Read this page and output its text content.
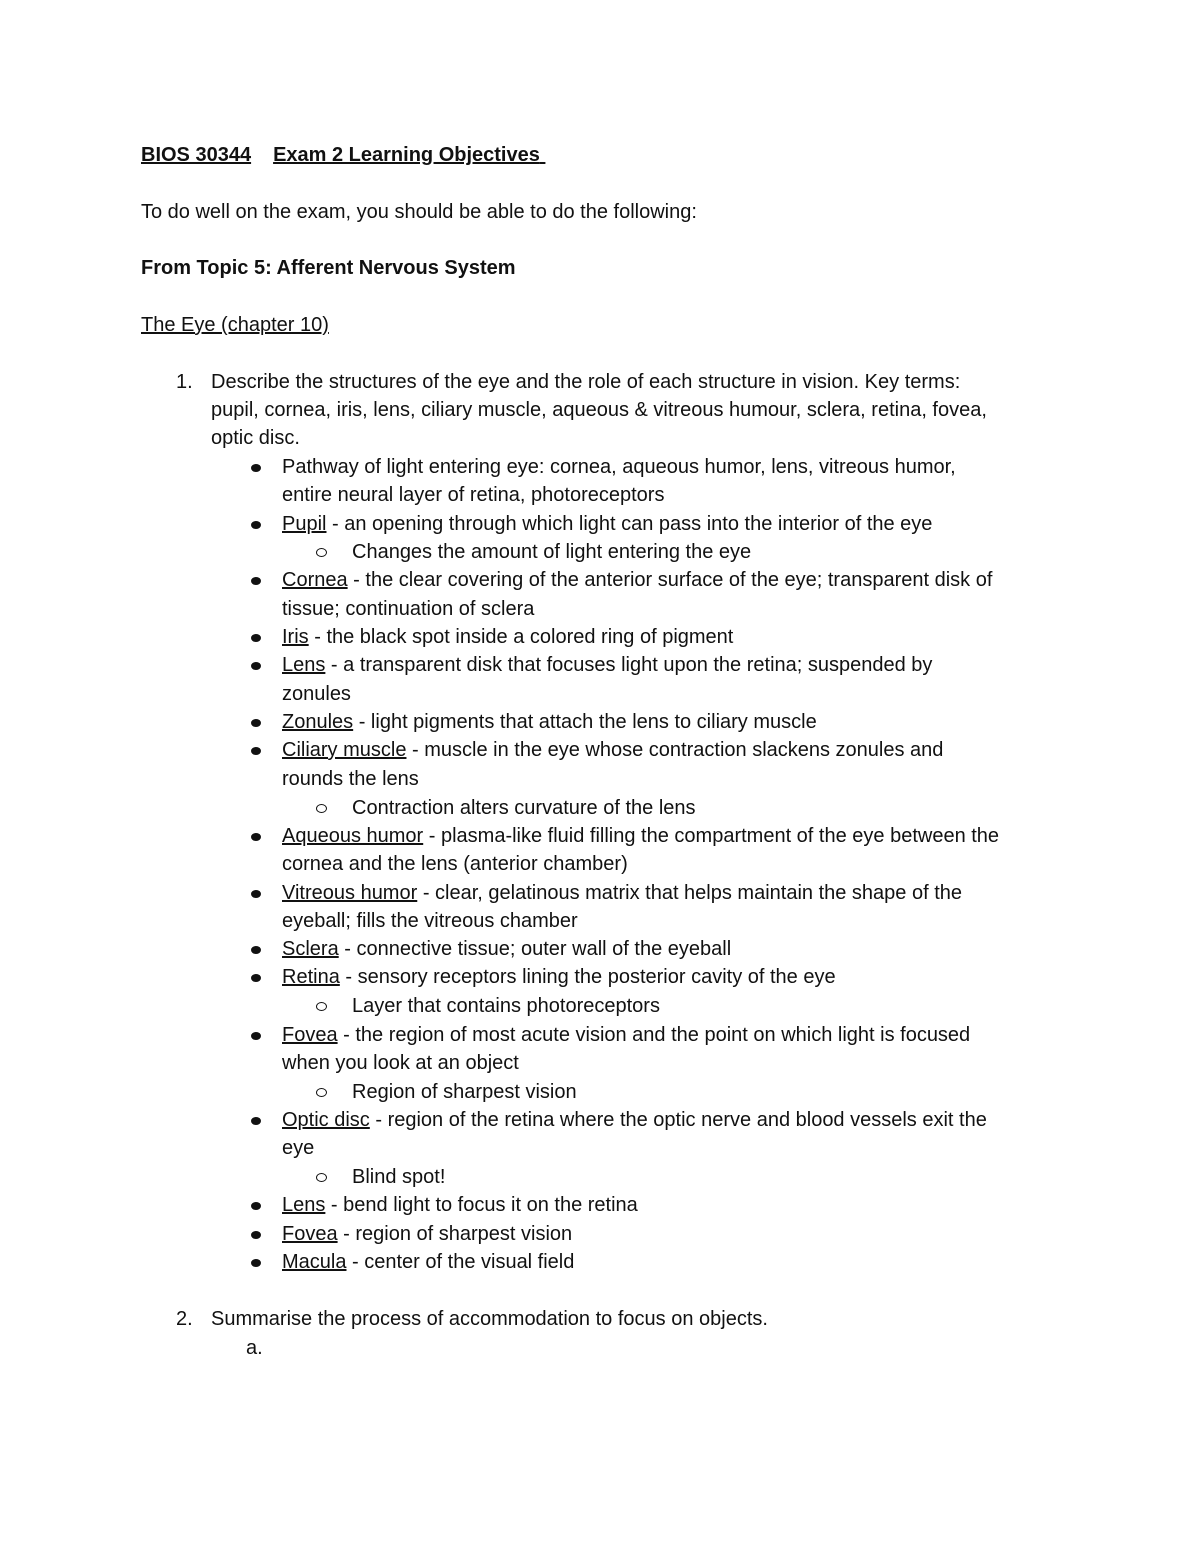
BIOS 30344 Exam 2 Learning Objectives
To do well on the exam, you should be able to do the following:
From Topic 5: Afferent Nervous System
The Eye (chapter 10)
1. Describe the structures of the eye and the role of each structure in vision. Key terms:
pupil, cornea, iris, lens, ciliary muscle, aqueous & vitreous humour, sclera, retina, fovea,
optic disc.
Pathway of light entering eye: cornea, aqueous humor, lens, vitreous humor,
entire neural layer of retina, photoreceptors
Pupil - an opening through which light can pass into the interior of the eye
Changes the amount of light entering the eye
Cornea - the clear covering of the anterior surface of the eye; transparent disk of
tissue; continuation of sclera
Iris - the black spot inside a colored ring of pigment
Lens - a transparent disk that focuses light upon the retina; suspended by
zonules
Zonules - light pigments that attach the lens to ciliary muscle
Ciliary muscle - muscle in the eye whose contraction slackens zonules and
rounds the lens
Contraction alters curvature of the lens
Aqueous humor - plasma-like fluid filling the compartment of the eye between the
cornea and the lens (anterior chamber)
Vitreous humor - clear, gelatinous matrix that helps maintain the shape of the
eyeball; fills the vitreous chamber
Sclera - connective tissue; outer wall of the eyeball
Retina - sensory receptors lining the posterior cavity of the eye
Layer that contains photoreceptors
Fovea - the region of most acute vision and the point on which light is focused
when you look at an object
Region of sharpest vision
Optic disc - region of the retina where the optic nerve and blood vessels exit the
eye
Blind spot!
Lens - bend light to focus it on the retina
Fovea - region of sharpest vision
Macula - center of the visual field
2. Summarise the process of accommodation to focus on objects.
a.
